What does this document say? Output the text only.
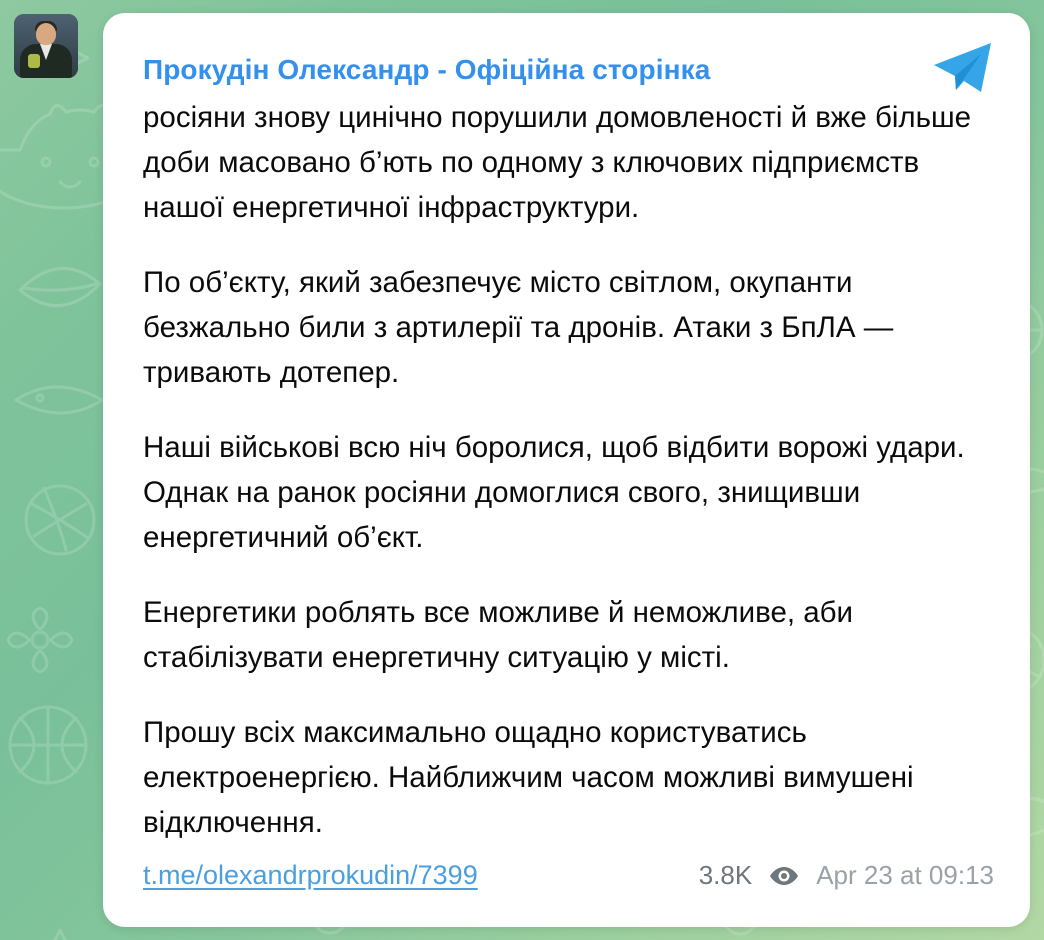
Прокудін Олександр - Офіційна сторінка

росіяни знову цинічно порушили домовленості й вже більше доби масовано б’ють по одному з ключових підприємств нашої енергетичної інфраструктури.

По об’єкту, який забезпечує місто світлом, окупанти безжально били з артилерії та дронів. Атаки з БпЛА — тривають дотепер.

Наші військові всю ніч боролися, щоб відбити ворожі удари. Однак на ранок росіяни домоглися свого, знищивши енергетичний об’єкт.

Енергетики роблять все можливе й неможливе, аби стабілізувати енергетичну ситуацію у місті.

Прошу всіх максимально ощадно користуватись електроенергією. Найближчим часом можливі вимушені відключення.

t.me/olexandrprokudin/7399	3.8K Apr 23 at 09:13
